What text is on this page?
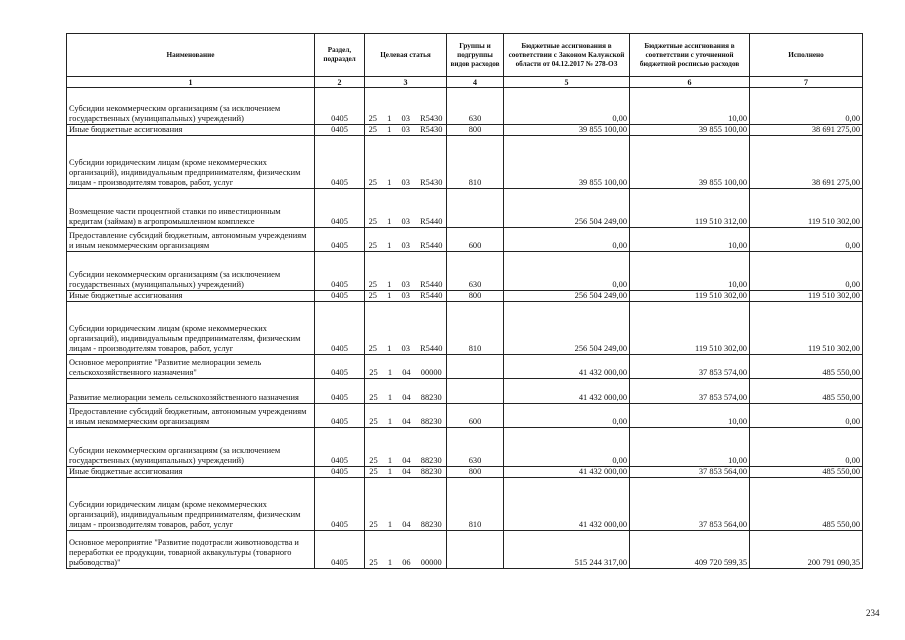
Наименование	Раздел, подраздел	Целевая статья	Группы и подгруппы видов расходов	Бюджетные ассигнования в соответствии с Законом Калужской области от 04.12.2017 № 278-ОЗ	Бюджетные ассигнования в соответствии с уточненной бюджетной росписью расходов	Исполнено
1	2	3	4	5	6	7
Субсидии некоммерческим организациям (за исключением государственных (муниципальных) учреждений)	0405	25  1  03  R5430	630	0,00	10,00	0,00
Иные бюджетные ассигнования	0405	25  1  03  R5430	800	39 855 100,00	39 855 100,00	38 691 275,00
Субсидии юридическим лицам (кроме некоммерческих организаций), индивидуальным предпринимателям, физическим лицам - производителям товаров, работ, услуг	0405	25  1  03  R5430	810	39 855 100,00	39 855 100,00	38 691 275,00
Возмещение части процентной ставки по инвестиционным кредитам (займам) в агропромышленном комплексе	0405	25  1  03  R5440		256 504 249,00	119 510 312,00	119 510 302,00
Предоставление субсидий бюджетным, автономным учреждениям и иным некоммерческим организациям	0405	25  1  03  R5440	600	0,00	10,00	0,00
Субсидии некоммерческим организациям (за исключением государственных (муниципальных) учреждений)	0405	25  1  03  R5440	630	0,00	10,00	0,00
Иные бюджетные ассигнования	0405	25  1  03  R5440	800	256 504 249,00	119 510 302,00	119 510 302,00
Субсидии юридическим лицам (кроме некоммерческих организаций), индивидуальным предпринимателям, физическим лицам - производителям товаров, работ, услуг	0405	25  1  03  R5440	810	256 504 249,00	119 510 302,00	119 510 302,00
Основное мероприятие "Развитие мелиорации земель сельскохозяйственного назначения"	0405	25  1  04  00000		41 432 000,00	37 853 574,00	485 550,00
Развитие мелиорации земель сельскохозяйственного назначения	0405	25  1  04  88230		41 432 000,00	37 853 574,00	485 550,00
Предоставление субсидий бюджетным, автономным учреждениям и иным некоммерческим организациям	0405	25  1  04  88230	600	0,00	10,00	0,00
Субсидии некоммерческим организациям (за исключением государственных (муниципальных) учреждений)	0405	25  1  04  88230	630	0,00	10,00	0,00
Иные бюджетные ассигнования	0405	25  1  04  88230	800	41 432 000,00	37 853 564,00	485 550,00
Субсидии юридическим лицам (кроме некоммерческих организаций), индивидуальным предпринимателям, физическим лицам - производителям товаров, работ, услуг	0405	25  1  04  88230	810	41 432 000,00	37 853 564,00	485 550,00
Основное мероприятие "Развитие подотрасли животноводства и переработки ее продукции, товарной аквакультуры (товарного рыбоводства)"	0405	25  1  06  00000		515 244 317,00	409 720 599,35	200 791 090,35
234
